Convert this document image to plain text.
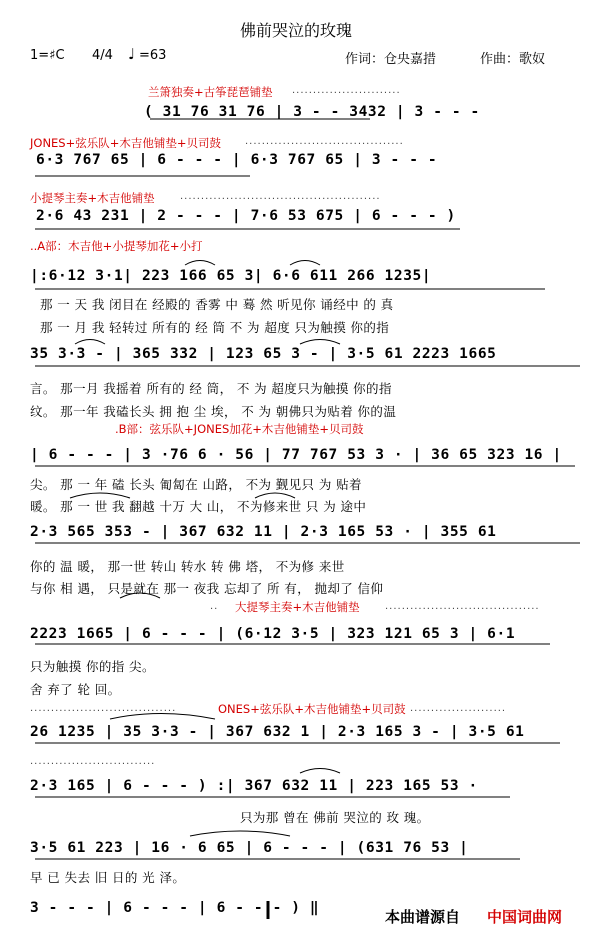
佛前哭泣的玫瑰
1=♯C 4/4 ♩ =63	作词：仓央嘉措	作曲：歌奴
兰箫独奏+古筝琵琶铺垫 ..........................
( 31 76 31 76 | 3 - - 3432 | 3 - - -
JONES+弦乐队+木吉他铺垫+贝司鼓 ......................................
6·3 767 65 | 6 - - - | 6·3 767 65 | 3 - - -
小提琴主奏+木吉他铺垫	................................................
2·6 43 231 | 2 - - - | 7·6 53 675 | 6 - - - )
..A部：木吉他+小提琴加花+小打
|:6·12 3·1| 223 166 65 3| 6·6 611 266 1235|
那 一 天 我 闭目在 经殿的 香雾 中 蓦 然 听见你 诵经中 的 真
那 一 月 我 轻转过 所有的 经 筒 不 为 超度 只为触摸 你的指
35 3·3 - | 365 332 | 123 65 3 - | 3·5 61 2223 1665
言。 那一月 我摇着 所有的 经 筒， 不 为 超度只为触摸 你的指
纹。 那一年 我磕长头 拥 抱 尘 埃， 不 为 朝佛只为贴着 你的温
.B部：弦乐队+JONES加花+木吉他铺垫+贝司鼓
| 6 - - - | 3 ·76 6 · 56 | 77 767 53 3 · | 36 65 323 16 |
尖。 那 一 年 磕 长头 匍匐在 山路， 不为 觐见只 为 贴着
暖。 那 一 世 我 翻越 十万 大 山， 不为修来世 只 为 途中
2·3 565 353 - | 367 632 11 | 2·3 165 53 · | 355 61
你的 温 暖， 那一世 转山 转水 转 佛 塔， 不为修 来世
与你 相 遇， 只是就在 那一 夜我 忘却了 所 有， 抛却了 信仰
.. 大提琴主奏+木吉他铺垫	.....................................
2223 1665 | 6 - - - | (6·12 3·5 | 323 121 65 3 | 6·1
只为触摸 你的指 尖。
舍 弃了 轮 回。
...................................	ONES+弦乐队+木吉他铺垫+贝司鼓 .......................
26 1235 | 35 3·3 - | 367 632 1 | 2·3 165 3 - | 3·5 61
..............................
2·3 165 | 6 - - - ) :| 367 632 11 | 223 165 53 ·
只为那 曾在 佛前 哭泣的 玫 瑰。
3·5 61 223 | 16 · 6 65 | 6 - - - | (631 76 53 |
早 已 失去 旧 日的 光 泽。
3 - - - | 6 - - - | 6 - - - ) ‖	本曲谱源自 中国词曲网
